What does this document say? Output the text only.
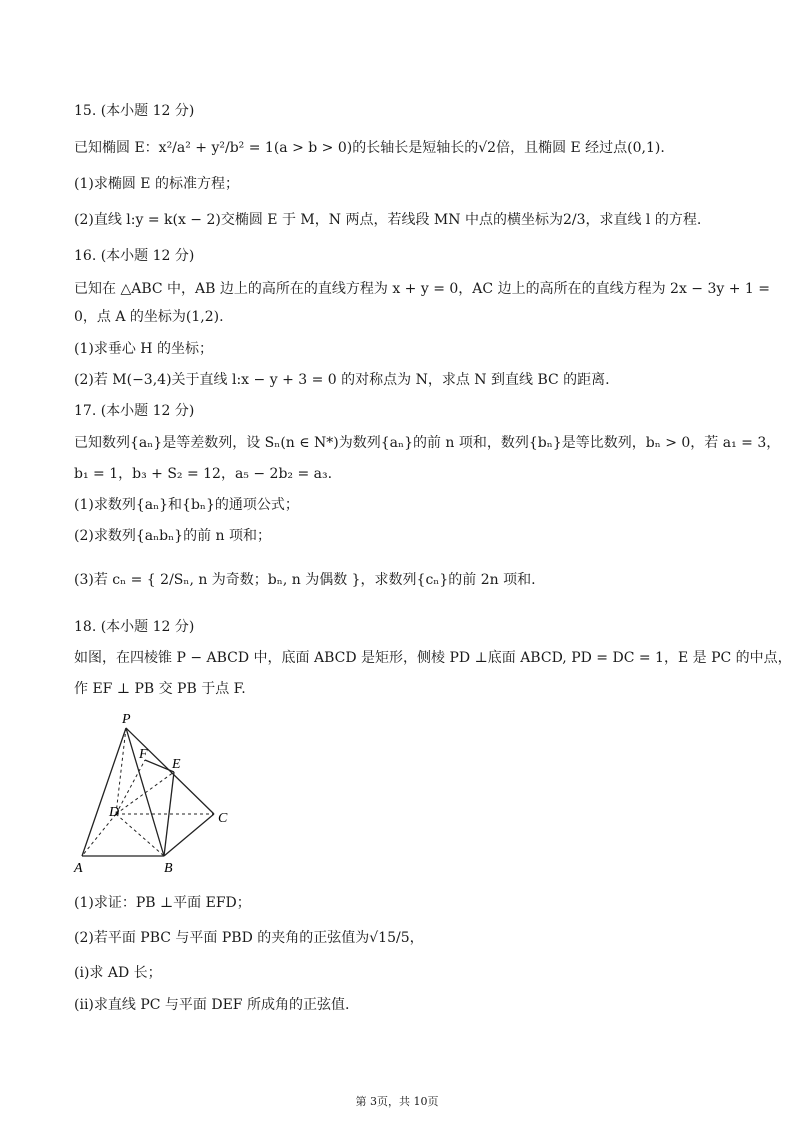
15. (本小题 12 分)
已知椭圆 E：x²/a² + y²/b² = 1(a > b > 0)的长轴长是短轴长的√2倍，且椭圆 E 经过点(0,1).
(1)求椭圆 E 的标准方程；
(2)直线 l:y = k(x − 2)交椭圆 E 于 M，N 两点，若线段 MN 中点的横坐标为2/3，求直线 l 的方程.
16. (本小题 12 分)
已知在 △ABC 中，AB 边上的高所在的直线方程为 x + y = 0，AC 边上的高所在的直线方程为 2x − 3y + 1 =
0，点 A 的坐标为(1,2).
(1)求垂心 H 的坐标；
(2)若 M(−3,4)关于直线 l:x − y + 3 = 0 的对称点为 N，求点 N 到直线 BC 的距离.
17. (本小题 12 分)
已知数列{aₙ}是等差数列，设 Sₙ(n ∈ N*)为数列{aₙ}的前 n 项和，数列{bₙ}是等比数列，bₙ > 0，若 a₁ = 3，
b₁ = 1，b₃ + S₂ = 12，a₅ − 2b₂ = a₃.
(1)求数列{aₙ}和{bₙ}的通项公式；
(2)求数列{aₙbₙ}的前 n 项和；
(3)若 cₙ = { 2/Sₙ, n 为奇数；bₙ, n 为偶数 }，求数列{cₙ}的前 2n 项和.
18. (本小题 12 分)
如图，在四棱锥 P − ABCD 中，底面 ABCD 是矩形，侧棱 PD ⊥底面 ABCD, PD = DC = 1，E 是 PC 的中点，
作 EF ⊥ PB 交 PB 于点 F.
P
F
E
D	C
A	B
(1)求证：PB ⊥平面 EFD；
(2)若平面 PBC 与平面 PBD 的夹角的正弦值为√15/5，
(i)求 AD 长；
(ii)求直线 PC 与平面 DEF 所成角的正弦值.
第 3页，共 10页
